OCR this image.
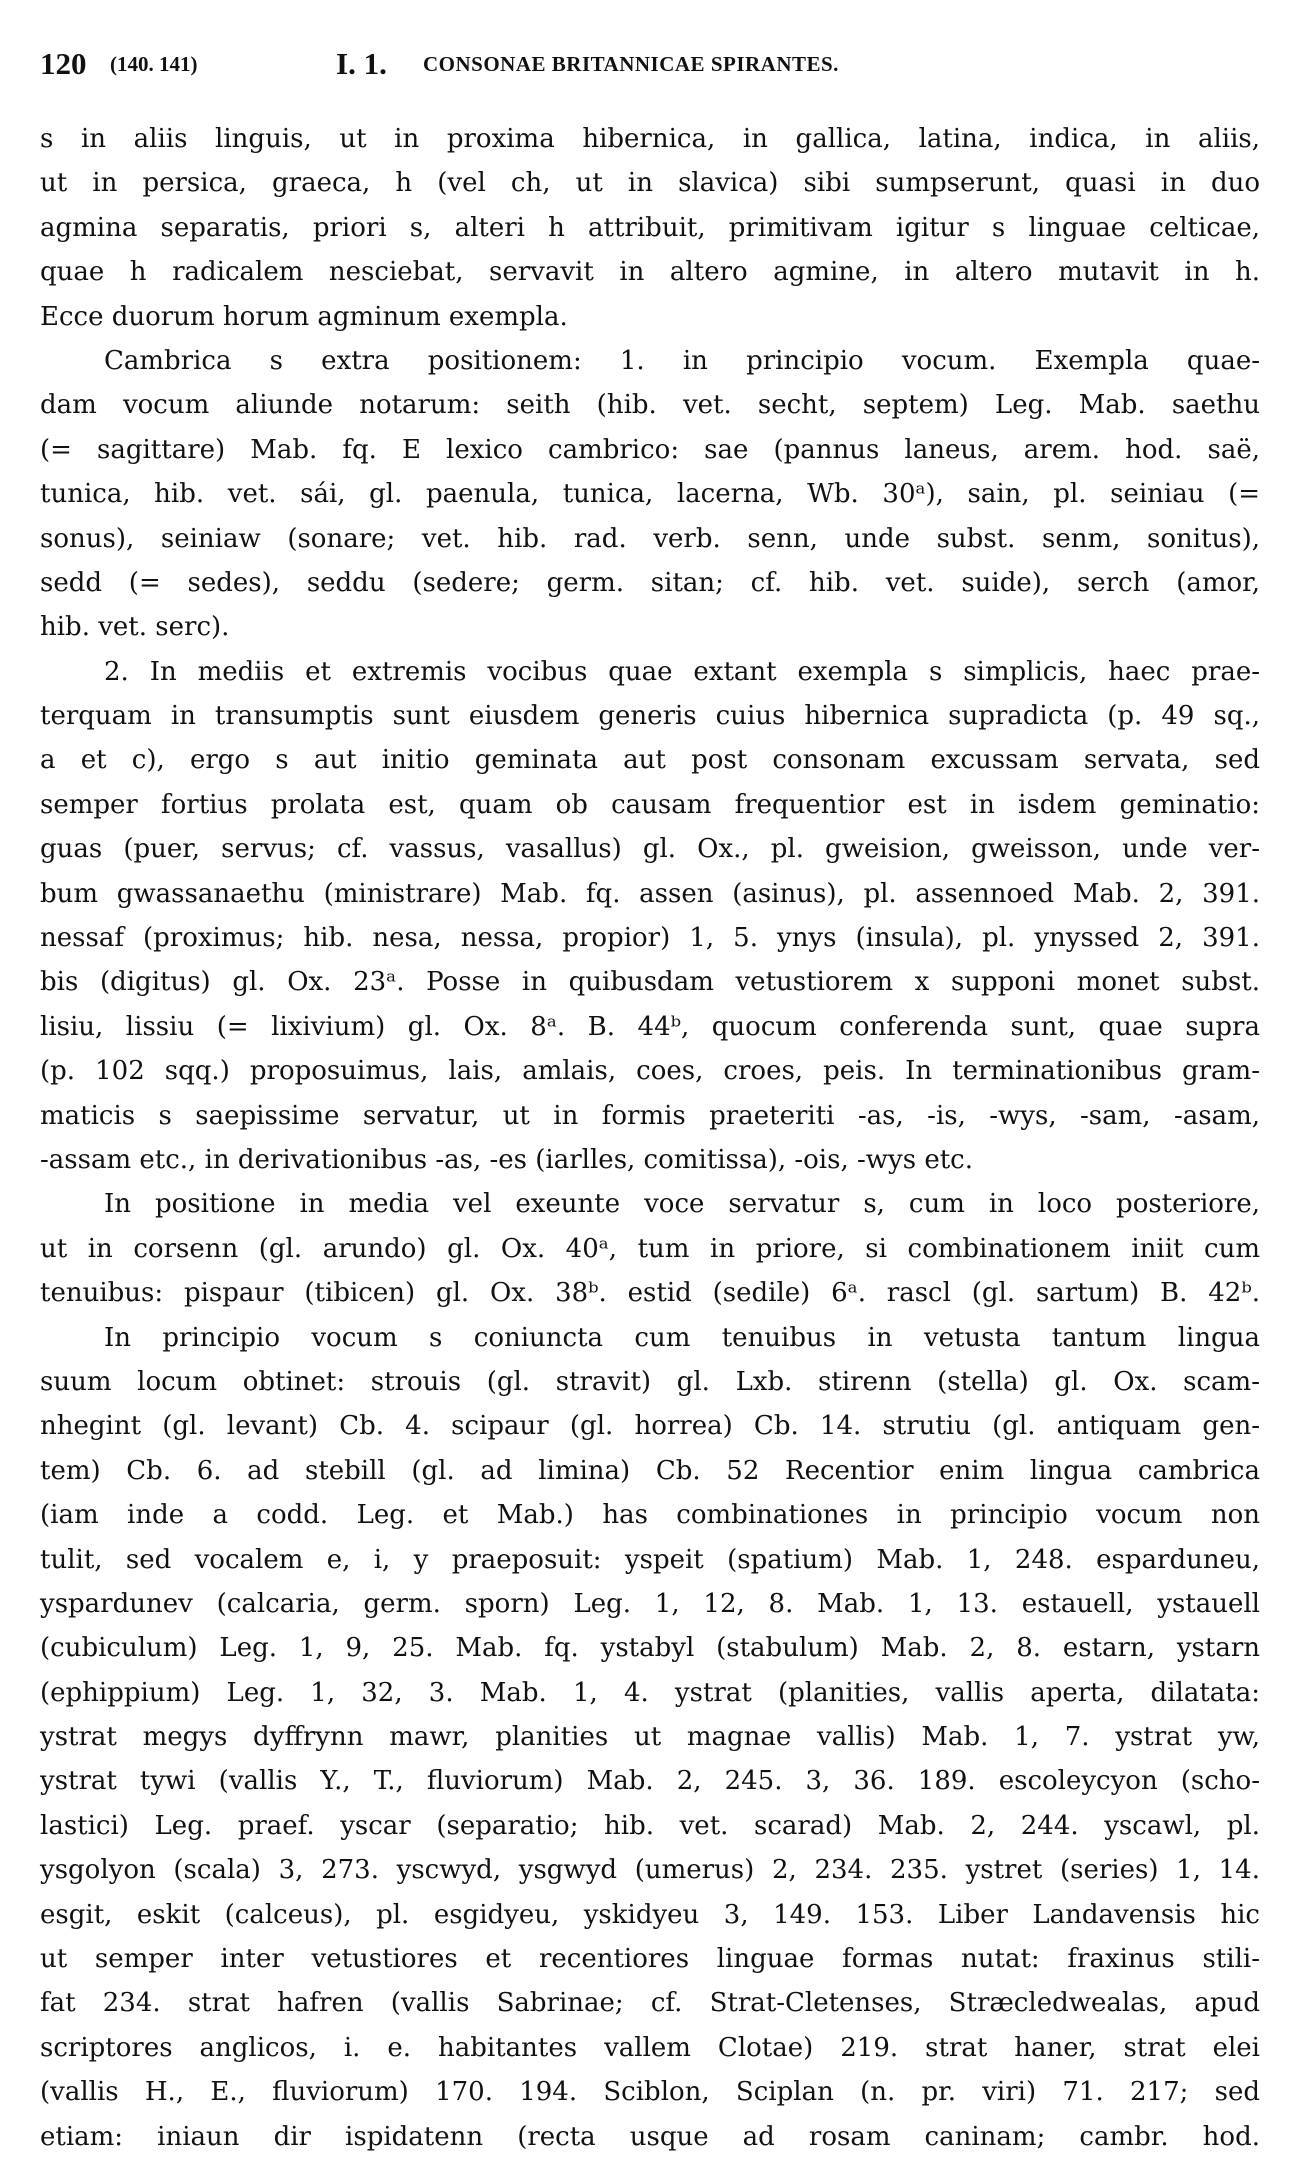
120 (140. 141)	I. 1. CONSONAE BRITANNICAE SPIRANTES.
s in aliis linguis, ut in proxima hibernica, in gallica, latina, indica, in aliis,
ut in persica, graeca, h (vel ch, ut in slavica) sibi sumpserunt, quasi in duo
agmina separatis, priori s, alteri h attribuit, primitivam igitur s linguae celticae,
quae h radicalem nesciebat, servavit in altero agmine, in altero mutavit in h.
Ecce duorum horum agminum exempla.
Cambrica s extra positionem: 1. in principio vocum. Exempla quae-
dam vocum aliunde notarum: seith (hib. vet. secht, septem) Leg. Mab. saethu
(= sagittare) Mab. fq. E lexico cambrico: sae (pannus laneus, arem. hod. saë,
tunica, hib. vet. sái, gl. paenula, tunica, lacerna, Wb. 30ᵃ), sain, pl. seiniau (=
sonus), seiniaw (sonare; vet. hib. rad. verb. senn, unde subst. senm, sonitus),
sedd (= sedes), seddu (sedere; germ. sitan; cf. hib. vet. suide), serch (amor,
hib. vet. serc).
2. In mediis et extremis vocibus quae extant exempla s simplicis, haec prae-
terquam in transumptis sunt eiusdem generis cuius hibernica supradicta (p. 49 sq.,
a et c), ergo s aut initio geminata aut post consonam excussam servata, sed
semper fortius prolata est, quam ob causam frequentior est in isdem geminatio:
guas (puer, servus; cf. vassus, vasallus) gl. Ox., pl. gweision, gweisson, unde ver-
bum gwassanaethu (ministrare) Mab. fq. assen (asinus), pl. assennoed Mab. 2, 391.
nessaf (proximus; hib. nesa, nessa, propior) 1, 5. ynys (insula), pl. ynyssed 2, 391.
bis (digitus) gl. Ox. 23ᵃ. Posse in quibusdam vetustiorem x supponi monet subst.
lisiu, lissiu (= lixivium) gl. Ox. 8ᵃ. B. 44ᵇ, quocum conferenda sunt, quae supra
(p. 102 sqq.) proposuimus, lais, amlais, coes, croes, peis. In terminationibus gram-
maticis s saepissime servatur, ut in formis praeteriti -as, -is, -wys, -sam, -asam,
-assam etc., in derivationibus -as, -es (iarlles, comitissa), -ois, -wys etc.
In positione in media vel exeunte voce servatur s, cum in loco posteriore,
ut in corsenn (gl. arundo) gl. Ox. 40ᵃ, tum in priore, si combinationem iniit cum
tenuibus: pispaur (tibicen) gl. Ox. 38ᵇ. estid (sedile) 6ᵃ. rascl (gl. sartum) B. 42ᵇ.
In principio vocum s coniuncta cum tenuibus in vetusta tantum lingua
suum locum obtinet: strouis (gl. stravit) gl. Lxb. stirenn (stella) gl. Ox. scam-
nhegint (gl. levant) Cb. 4. scipaur (gl. horrea) Cb. 14. strutiu (gl. antiquam gen-
tem) Cb. 6. ad stebill (gl. ad limina) Cb. 52 Recentior enim lingua cambrica
(iam inde a codd. Leg. et Mab.) has combinationes in principio vocum non
tulit, sed vocalem e, i, y praeposuit: yspeit (spatium) Mab. 1, 248. esparduneu,
yspardunev (calcaria, germ. sporn) Leg. 1, 12, 8. Mab. 1, 13. estauell, ystauell
(cubiculum) Leg. 1, 9, 25. Mab. fq. ystabyl (stabulum) Mab. 2, 8. estarn, ystarn
(ephippium) Leg. 1, 32, 3. Mab. 1, 4. ystrat (planities, vallis aperta, dilatata:
ystrat megys dyffrynn mawr, planities ut magnae vallis) Mab. 1, 7. ystrat yw,
ystrat tywi (vallis Y., T., fluviorum) Mab. 2, 245. 3, 36. 189. escoleycyon (scho-
lastici) Leg. praef. yscar (separatio; hib. vet. scarad) Mab. 2, 244. yscawl, pl.
ysgolyon (scala) 3, 273. yscwyd, ysgwyd (umerus) 2, 234. 235. ystret (series) 1, 14.
esgit, eskit (calceus), pl. esgidyeu, yskidyeu 3, 149. 153. Liber Landavensis hic
ut semper inter vetustiores et recentiores linguae formas nutat: fraxinus stili-
fat 234. strat hafren (vallis Sabrinae; cf. Strat-Cletenses, Stræcledwealas, apud
scriptores anglicos, i. e. habitantes vallem Clotae) 219. strat haner, strat elei
(vallis H., E., fluviorum) 170. 194. Sciblon, Sciplan (n. pr. viri) 71. 217; sed
etiam: iniaun dir ispidatenn (recta usque ad rosam caninam; cambr. hod.
